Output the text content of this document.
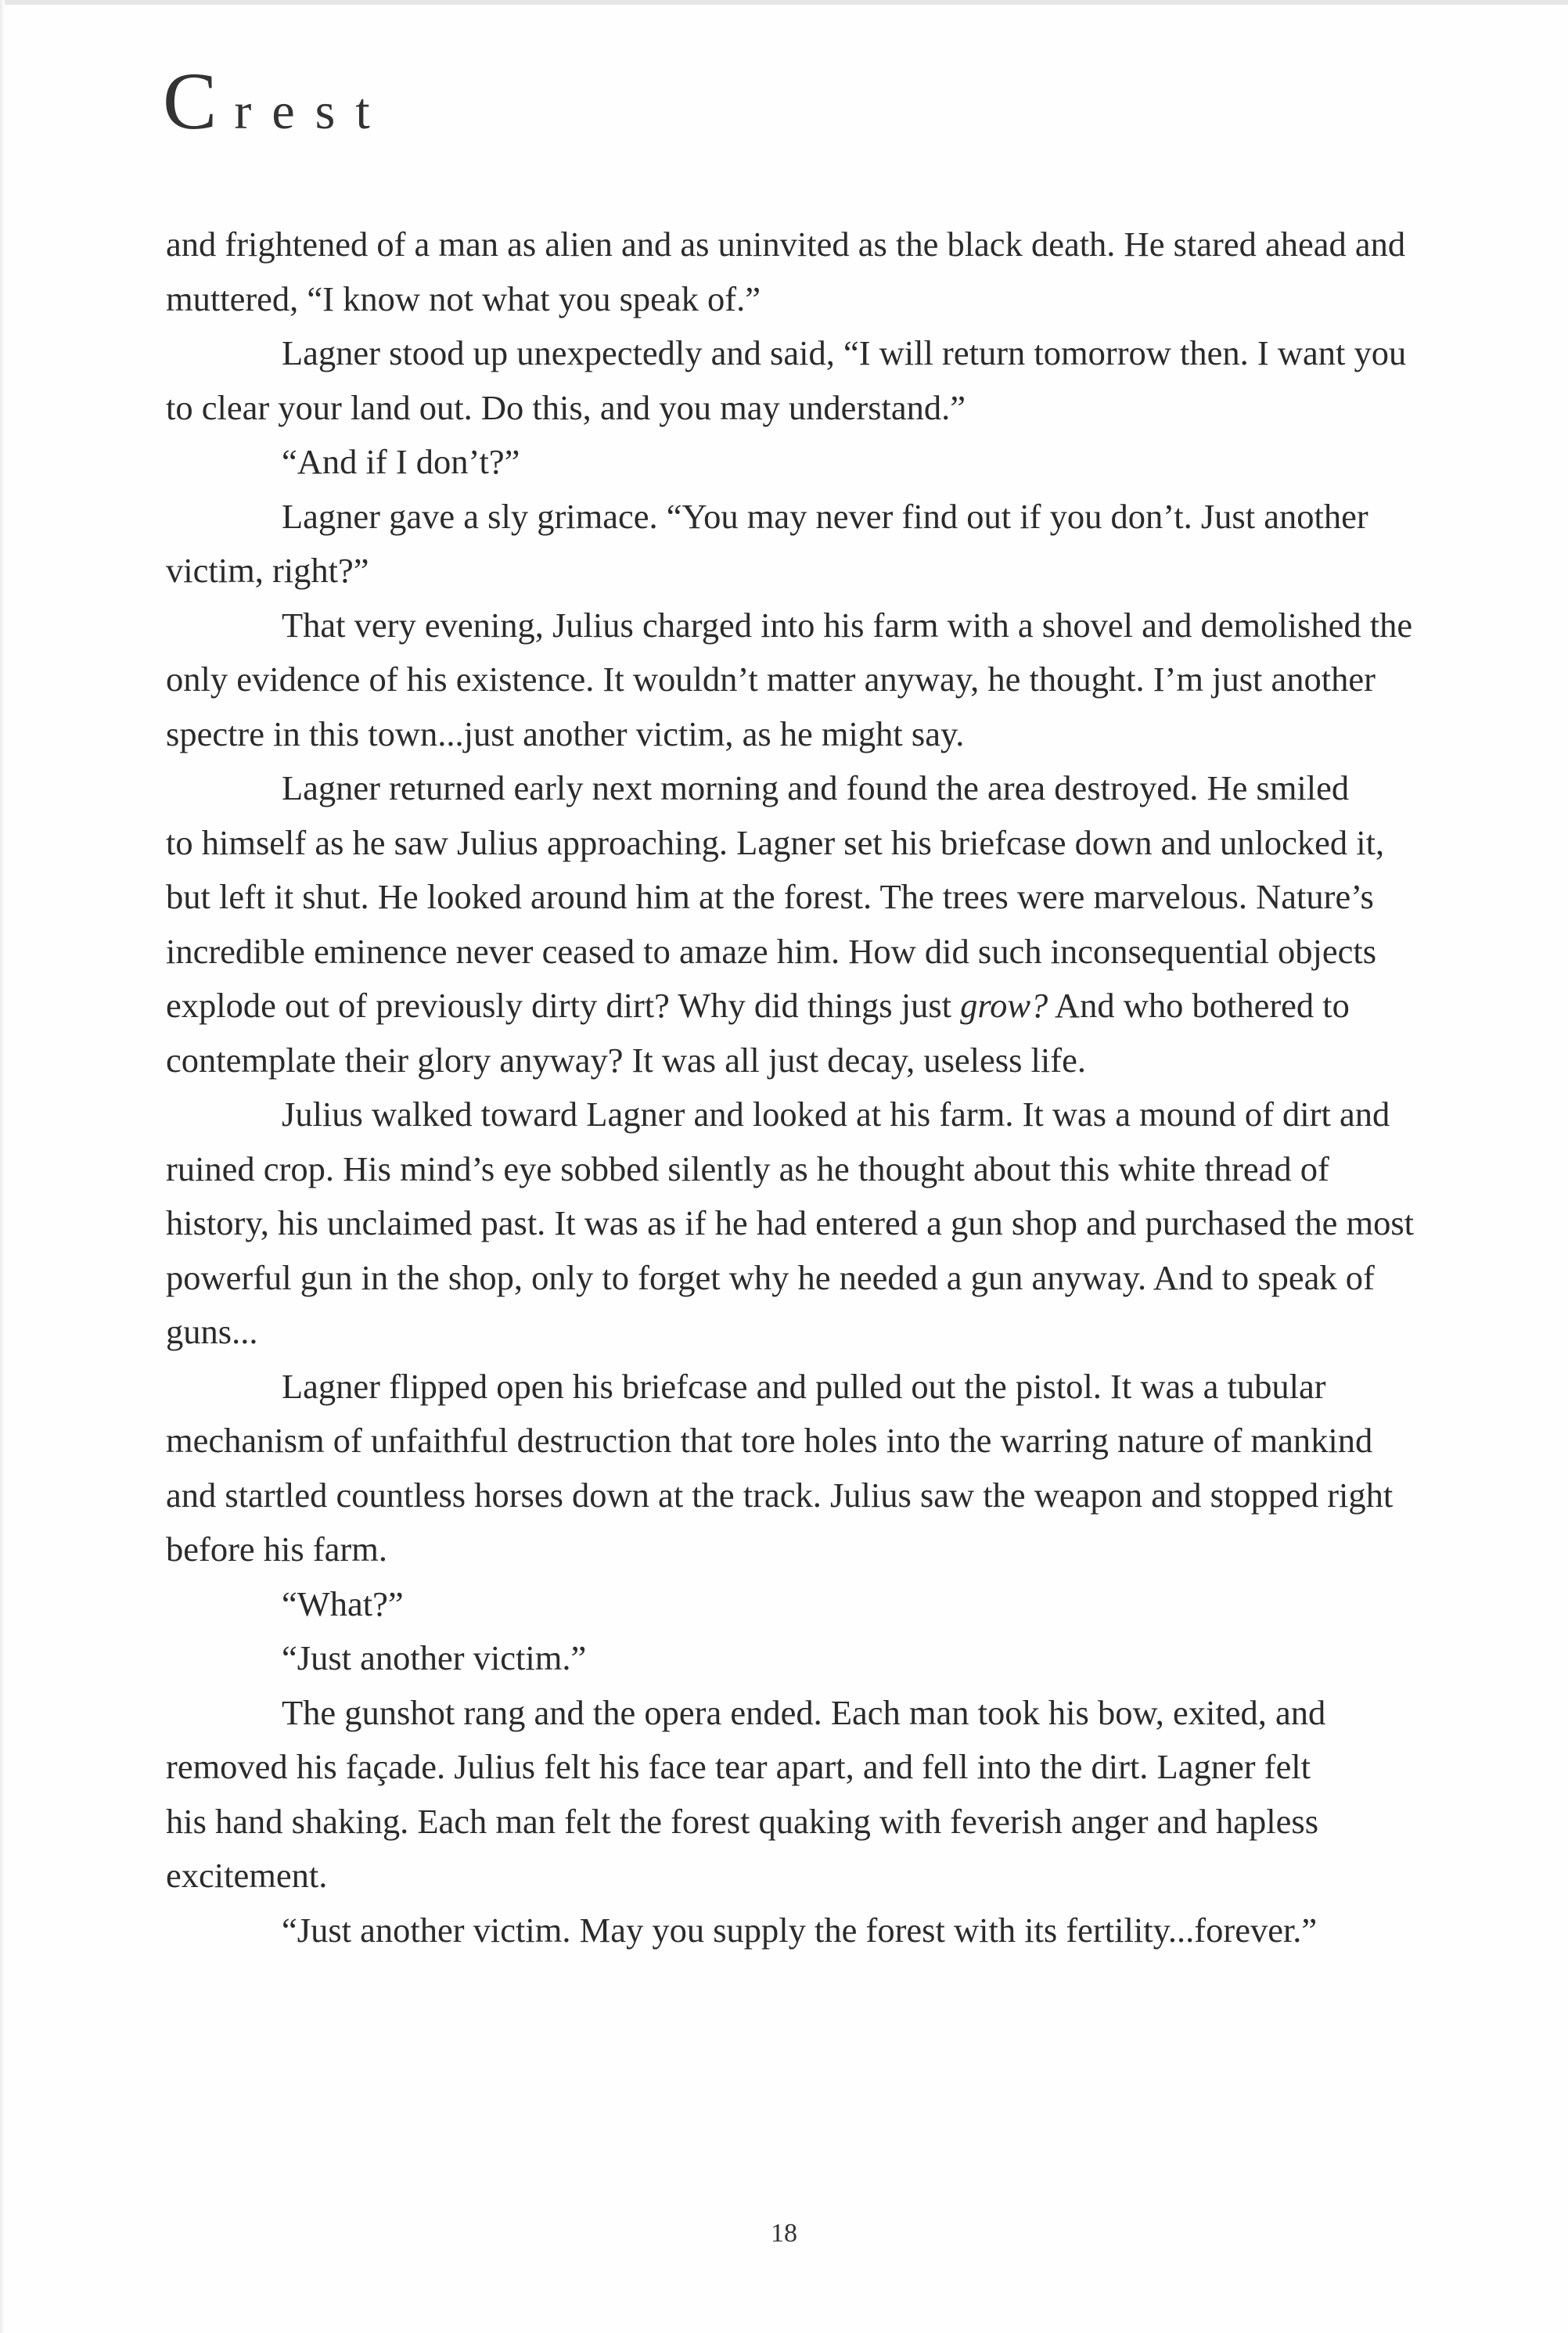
C rest
and frightened of a man as alien and as uninvited as the black death. He stared ahead and
muttered, “I know not what you speak of.”
Lagner stood up unexpectedly and said, “I will return tomorrow then. I want you
to clear your land out. Do this, and you may understand.”
“And if I don’t?”
Lagner gave a sly grimace. “You may never find out if you don’t. Just another
victim, right?”
That very evening, Julius charged into his farm with a shovel and demolished the
only evidence of his existence. It wouldn’t matter anyway, he thought. I’m just another
spectre in this town...just another victim, as he might say.
Lagner returned early next morning and found the area destroyed. He smiled
to himself as he saw Julius approaching. Lagner set his briefcase down and unlocked it,
but left it shut. He looked around him at the forest. The trees were marvelous. Nature’s
incredible eminence never ceased to amaze him. How did such inconsequential objects
explode out of previously dirty dirt? Why did things just grow? And who bothered to
contemplate their glory anyway? It was all just decay, useless life.
Julius walked toward Lagner and looked at his farm. It was a mound of dirt and
ruined crop. His mind’s eye sobbed silently as he thought about this white thread of
history, his unclaimed past. It was as if he had entered a gun shop and purchased the most
powerful gun in the shop, only to forget why he needed a gun anyway. And to speak of
guns...
Lagner flipped open his briefcase and pulled out the pistol. It was a tubular
mechanism of unfaithful destruction that tore holes into the warring nature of mankind
and startled countless horses down at the track. Julius saw the weapon and stopped right
before his farm.
“What?”
“Just another victim.”
The gunshot rang and the opera ended. Each man took his bow, exited, and
removed his façade. Julius felt his face tear apart, and fell into the dirt. Lagner felt
his hand shaking. Each man felt the forest quaking with feverish anger and hapless
excitement.
“Just another victim. May you supply the forest with its fertility...forever.”
18
